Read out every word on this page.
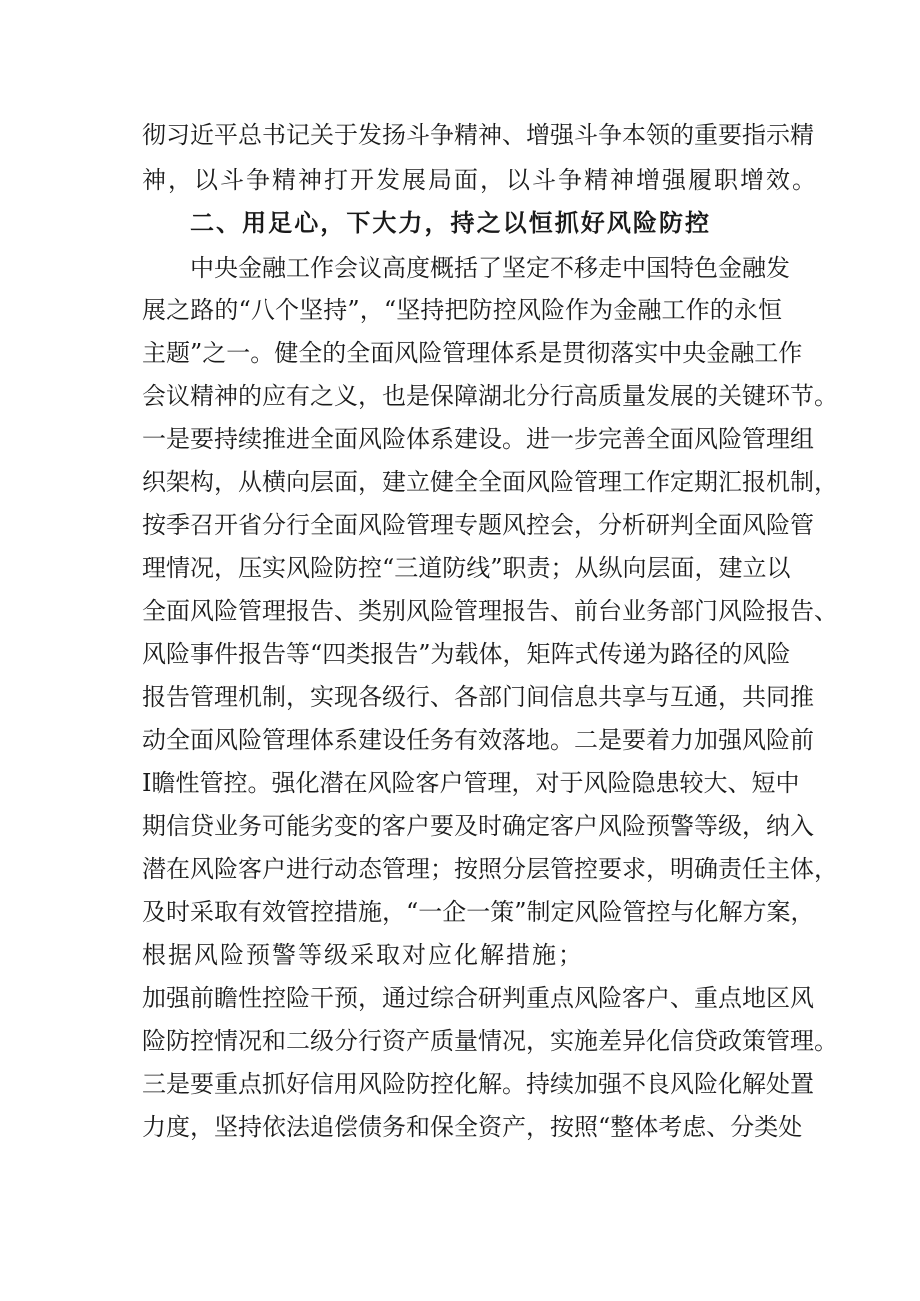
彻习近平总书记关于发扬斗争精神、增强斗争本领的重要指示精
神，以斗争精神打开发展局面，以斗争精神增强履职增效。
二、用足心，下大力，持之以恒抓好风险防控
中央金融工作会议高度概括了坚定不移走中国特色金融发
展之路的“八个坚持”，“坚持把防控风险作为金融工作的永恒
主题”之一。健全的全面风险管理体系是贯彻落实中央金融工作
会议精神的应有之义，也是保障湖北分行高质量发展的关键环节。
一是要持续推进全面风险体系建设。进一步完善全面风险管理组
织架构，从横向层面，建立健全全面风险管理工作定期汇报机制，
按季召开省分行全面风险管理专题风控会，分析研判全面风险管
理情况，压实风险防控“三道防线”职责；从纵向层面，建立以
全面风险管理报告、类别风险管理报告、前台业务部门风险报告、
风险事件报告等“四类报告”为载体，矩阵式传递为路径的风险
报告管理机制，实现各级行、各部门间信息共享与互通，共同推
动全面风险管理体系建设任务有效落地。二是要着力加强风险前
I瞻性管控。强化潜在风险客户管理，对于风险隐患较大、短中
期信贷业务可能劣变的客户要及时确定客户风险预警等级，纳入
潜在风险客户进行动态管理；按照分层管控要求，明确责任主体，
及时采取有效管控措施，“一企一策”制定风险管控与化解方案，
根据风险预警等级采取对应化解措施；
加强前瞻性控险干预，通过综合研判重点风险客户、重点地区风
险防控情况和二级分行资产质量情况，实施差异化信贷政策管理。
三是要重点抓好信用风险防控化解。持续加强不良风险化解处置
力度，坚持依法追偿债务和保全资产，按照“整体考虑、分类处
